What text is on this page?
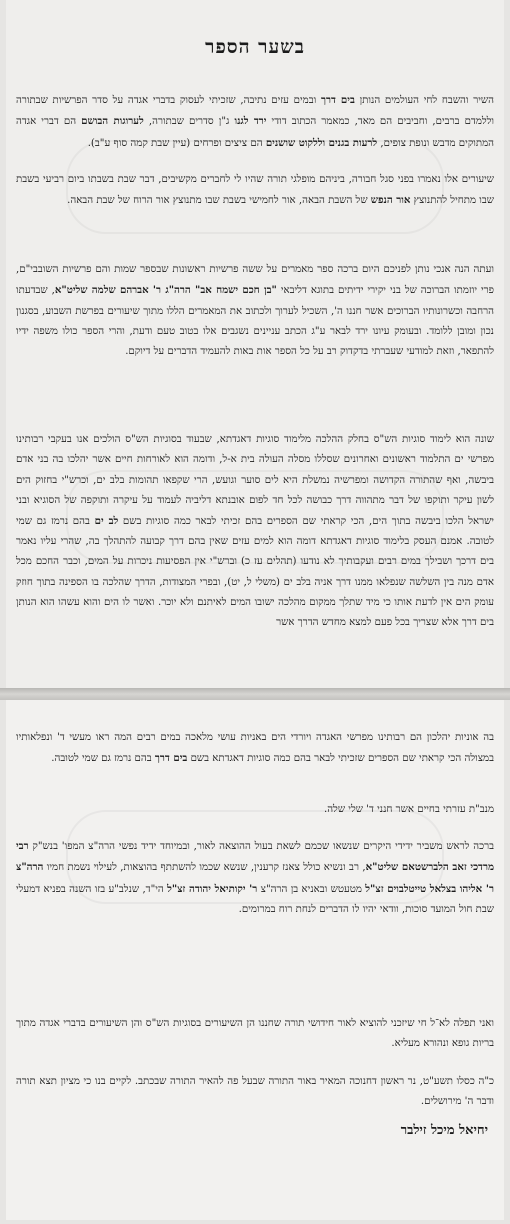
בשער הספר

השיר והשבח לחי העולמים הנותן בים דרך ובמים עזים נתיבה, שזכיתי לעסוק בדברי אגדה על סדר הפרשיות שבתורה וללמדם ברבים, וחביבים הם מאד, כמאמר הכתוב דודי ירד לגנו ג"ן סדרים שבתורה, לערוגות הבושם הם דברי אגדה המתוקים מדבש ונופת צופים, לרעות בגנים וללקוט שושנים הם ציצים ופרחים (עיין שבת קמה סוף ע"ב).

שיעורים אלו נאמרו בפני סגל חבורה, ביניהם מופלגי תורה שהיו לי לחברים מקשיבים, דבר שבת בשבתו ביום רביעי בשבת שבו מתחיל להתנוצץ אור הנפש של השבת הבאה, אור לחמישי בשבת שבו מתנוצץ אור הרוח של שבת הבאה.

ועתה הנה אנכי נותן לפניכם היום ברכה ספר מאמרים על ששה פרשיות ראשונות שבספר שמות והם פרשיות השובבי"ם, פרי יוזמתו הברוכה של בני יקירי ידיתים בתוגא דליבאי "בן חכם ישמח אב" הרה"ג ר' אברהם שלמה שליט"א, שבדעתו הרחבה וכשרונותיו הברוכים אשר חננו ה', השכיל לערוך ולכתוב את המאמרים הללו מתוך שיעורים בפרשת השבוע, בסגנון נכון ומובן ללומד. ובעומק עיונו ירד לבאר ע"ג הכתב עניינים נשגבים אלו בטוב טעם ודעת, והרי הספר כולו משפה ידיו להתפאר, וזאת למודעי שעברתי בדקדוק רב על כל הספר אות באות להעמיד הדברים על דיוקם.

שונה הוא לימוד סוגיות הש"ס בחלק ההלכה מלימוד סוגיות דאגדתא, שבעוד בסוגיות הש"ס הולכים אנו בעקבי רבותינו מפרשי ים התלמוד ראשונים ואחרונים שסללו מסלה העולה בית א-ל, ודומה הוא לאורחות חיים אשר יהלכו בה בני אדם ביבשה, ואף שהתורה הקדושה ומפרשיה נמשלת היא לים סוער וגועש, הרי שקפאו תהומות בלב ים, וכרש"י בחזוק הים לשון עיקר ותוקפו של דבר מתהווה דרך כבושה לכל חד לפום אובנתא דליביה לעמוד על עיקרה ותוקפה של הסוגיא ובני ישראל הלכו ביבשה בתוך הים, הכי קראתי שם הספרים בהם זכיתי לבאר כמה סוגיות בשם לב ים בהם נרמז גם שמי לטובה. אמנם העסק בלימוד סוגיות דאגדתא דומה הוא למים עזים שאין בהם דרך קבועה להתהלך בה, שהרי עליו נאמר בים דרכך ושבילך במים רבים ועקבותיך לא נודעו (תהלים עז כ) וברש"י אין הפסיעות ניכרות על המים, וכבר החכם מכל אדם מנה בין השלשה שנפלאו ממנו דרך אניה בלב ים (משלי ל, יט), ובפרי המצודות, הדרך שהלכה בו הספינה בתוך חוזק עומק הים אין לדעת אותו כי מיד שתלך ממקום מהלכה ישובו המים לאיתנם ולא יוכר. ואשר לו הים והוא עשהו הוא הנותן בים דרך אלא שצריך בכל פעם למצא מחדש הדרך אשר

בה אוניות יהלכון הם רבותינו מפרשי האגדה ויורדי הים באניות עושי מלאכה במים רבים המה ראו מעשי ד' ונפלאותיו במצולה הכי קראתי שם הספרים שזכיתי לבאר בהם כמה סוגיות דאגדתא בשם בים דרך בהם נרמז גם שמי לטובה.

מנב"ת עזרתי בחיים אשר חנני ד' שלי שלה.

ברכה לראש משביר ידידי היקרים שנשאו שכמם לשאת בעול ההוצאה לאור, ובמיוחד ידיד נפשי הרה"צ המפו' בנש"ק רבי מרדכי זאב הלברשטאם שליט"א, רב ונשיא כולל צאנז קרענין, שנשא שכמו להשתתף בהוצאות, לעילוי נשמת חמיו הרה"צ ר' אליהו בצלאל טייטלבוים זצ"ל מטעטש ובאניא בן הרה"צ ר' יקותיאל יהודה זצ"ל הי"ד, שנלב"ע בזו השנה בפניא דמעלי שבת חול המועד סוכות, וודאי יהיו לו הדברים לנחת רוח במרומים.

ואני תפלה לא־ל חי שיזכני להוציא לאור חידושי תורה שחננו הן השיעורים בסוגיות הש"ס והן השיעורים בדברי אגדה מתוך בריות גופא ונהורא מעליא.

כ"ה כסלו תשע"ט, נר ראשון דחנוכה המאיר באור התורה שבעל פה להאיר התורה שבכתב. לקיים בנו כי מציון תצא תורה ודבר ה' מירושלים.

יחיאל מיכל זילבר
